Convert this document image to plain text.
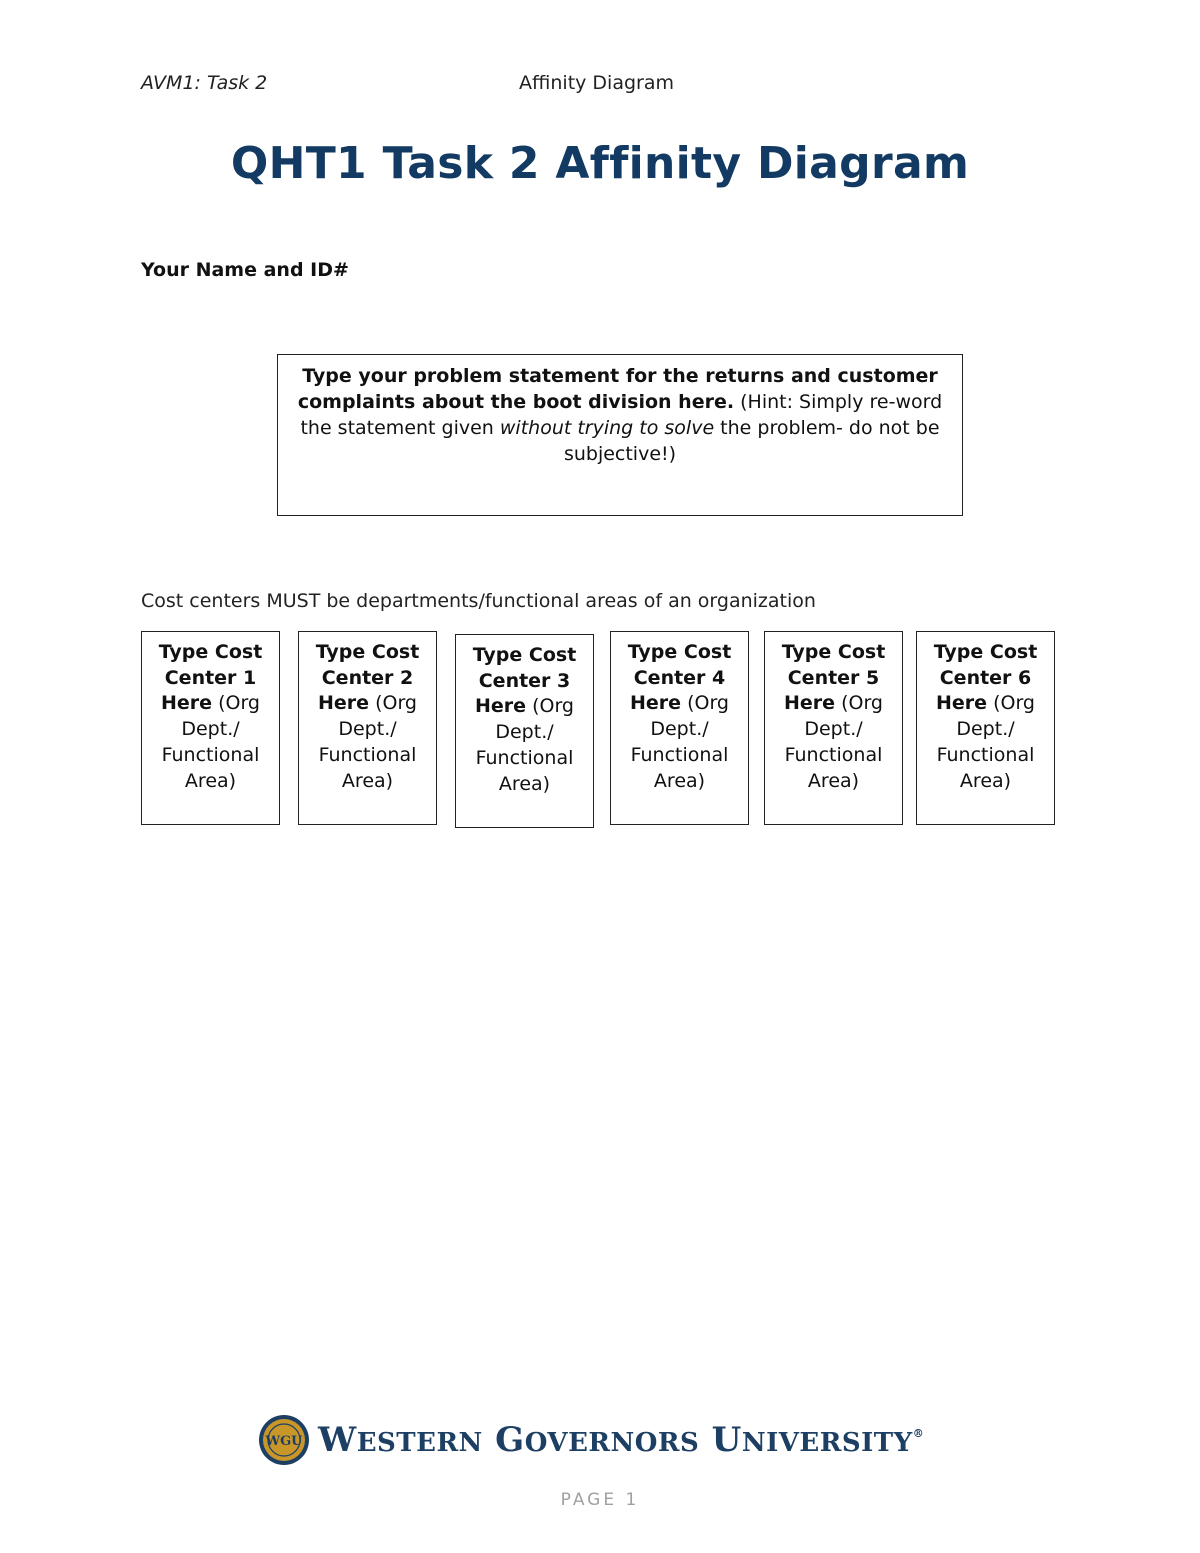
AVM1: Task 2	Affinity Diagram
QHT1 Task 2 Affinity Diagram
Your Name and ID#
Type your problem statement for the returns and customer complaints about the boot division here. (Hint: Simply re-word the statement given without trying to solve the problem- do not be subjective!)
Cost centers MUST be departments/functional areas of an organization
Type Cost
Center 1
Here (Org
Dept./
Functional
Area)
Type Cost
Center 2
Here (Org
Dept./
Functional
Area)
Type Cost
Center 3
Here (Org
Dept./
Functional
Area)
Type Cost
Center 4
Here (Org
Dept./
Functional
Area)
Type Cost
Center 5
Here (Org
Dept./
Functional
Area)
Type Cost
Center 6
Here (Org
Dept./
Functional
Area)
WGU WESTERN GOVERNORS UNIVERSITY®
PAGE 1
